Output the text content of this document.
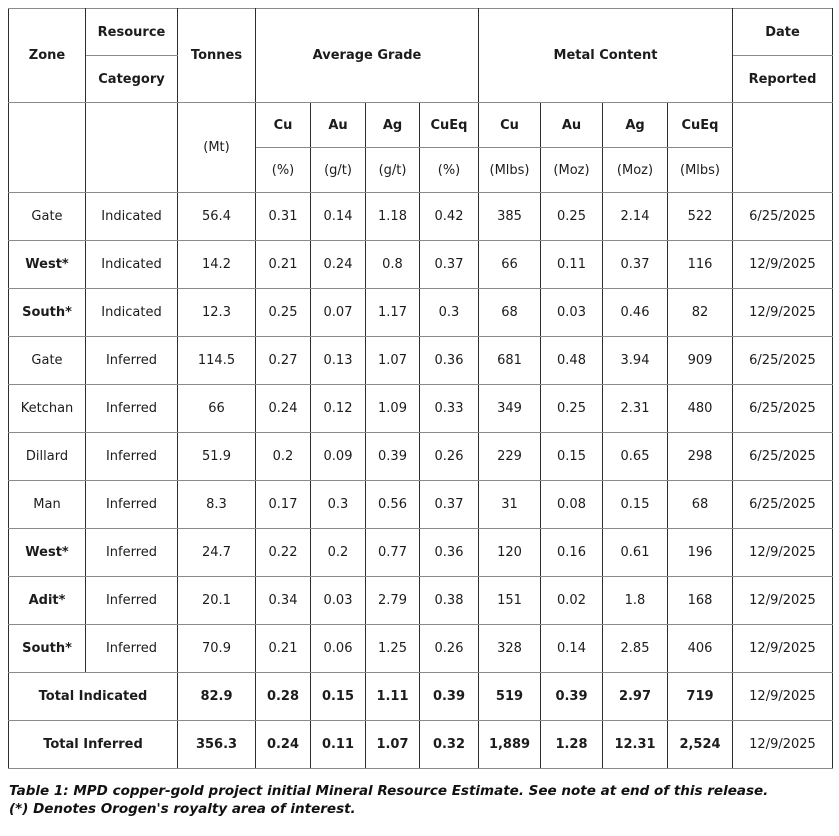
Zone	Resource	Tonnes	Average Grade				Metal Content				Date
	Category										Reported
		(Mt)	Cu	Au	Ag	CuEq	Cu	Au	Ag	CuEq	
			(%)	(g/t)	(g/t)	(%)	(Mlbs)	(Moz)	(Moz)	(Mlbs)	
Gate	Indicated	56.4	0.31	0.14	1.18	0.42	385	0.25	2.14	522	6/25/2025
West*	Indicated	14.2	0.21	0.24	0.8	0.37	66	0.11	0.37	116	12/9/2025
South*	Indicated	12.3	0.25	0.07	1.17	0.3	68	0.03	0.46	82	12/9/2025
Gate	Inferred	114.5	0.27	0.13	1.07	0.36	681	0.48	3.94	909	6/25/2025
Ketchan	Inferred	66	0.24	0.12	1.09	0.33	349	0.25	2.31	480	6/25/2025
Dillard	Inferred	51.9	0.2	0.09	0.39	0.26	229	0.15	0.65	298	6/25/2025
Man	Inferred	8.3	0.17	0.3	0.56	0.37	31	0.08	0.15	68	6/25/2025
West*	Inferred	24.7	0.22	0.2	0.77	0.36	120	0.16	0.61	196	12/9/2025
Adit*	Inferred	20.1	0.34	0.03	2.79	0.38	151	0.02	1.8	168	12/9/2025
South*	Inferred	70.9	0.21	0.06	1.25	0.26	328	0.14	2.85	406	12/9/2025
Total Indicated		82.9	0.28	0.15	1.11	0.39	519	0.39	2.97	719	12/9/2025
Total Inferred		356.3	0.24	0.11	1.07	0.32	1,889	1.28	12.31	2,524	12/9/2025
Table 1: MPD copper-gold project initial Mineral Resource Estimate. See note at end of this release.
(*) Denotes Orogen's royalty area of interest.
